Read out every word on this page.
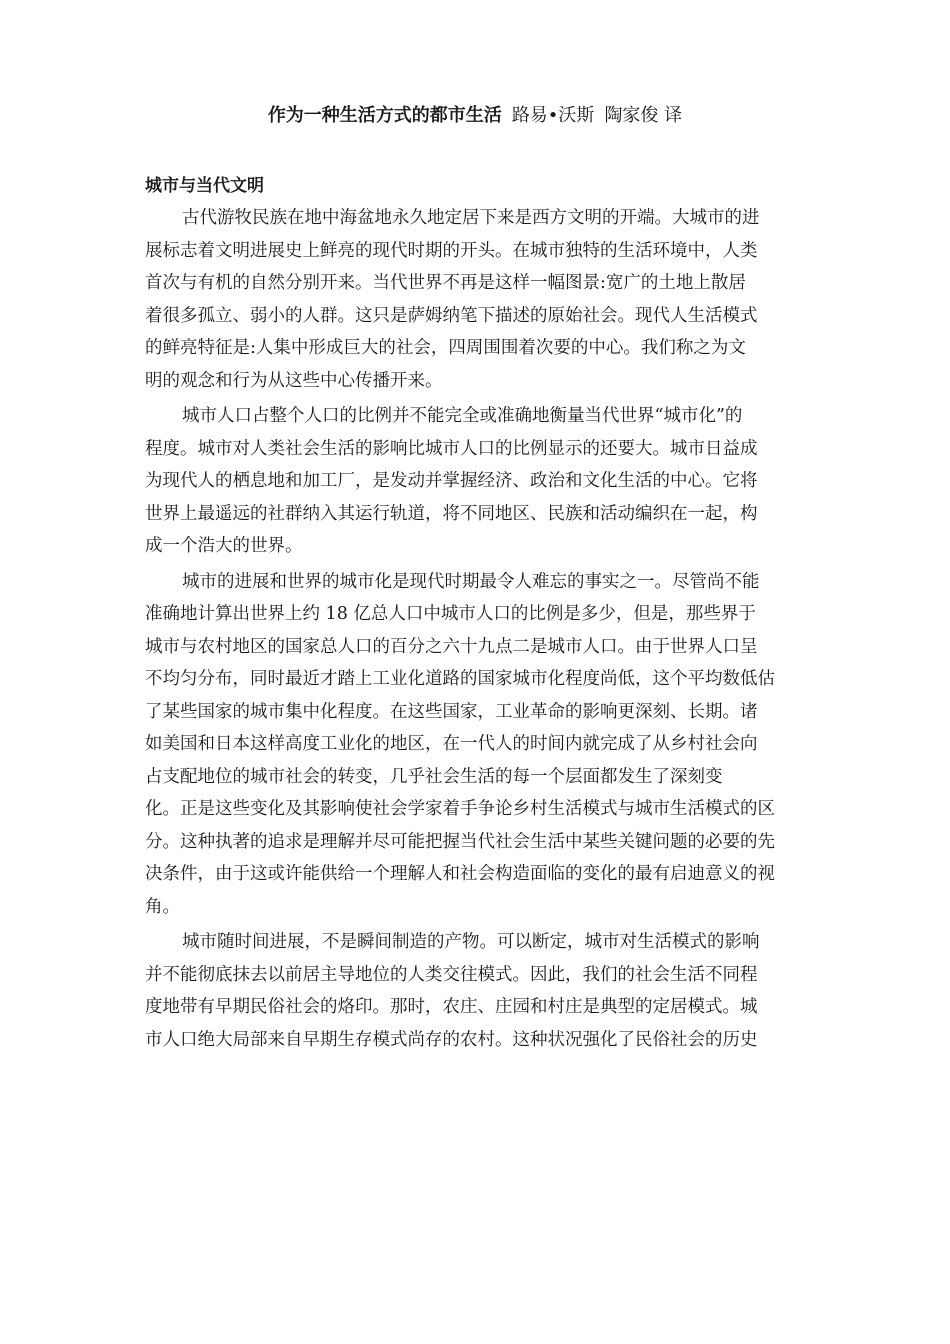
作为一种生活方式的都市生活 路易•沃斯 陶家俊 译
城市与当代文明
古代游牧民族在地中海盆地永久地定居下来是西方文明的开端。大城市的进
展标志着文明进展史上鲜亮的现代时期的开头。在城市独特的生活环境中，人类
首次与有机的自然分别开来。当代世界不再是这样一幅图景:宽广的土地上散居
着很多孤立、弱小的人群。这只是萨姆纳笔下描述的原始社会。现代人生活模式
的鲜亮特征是:人集中形成巨大的社会，四周围围着次要的中心。我们称之为文
明的观念和行为从这些中心传播开来。
城市人口占整个人口的比例并不能完全或准确地衡量当代世界“城市化”的
程度。城市对人类社会生活的影响比城市人口的比例显示的还要大。城市日益成
为现代人的栖息地和加工厂，是发动并掌握经济、政治和文化生活的中心。它将
世界上最遥远的社群纳入其运行轨道，将不同地区、民族和活动编织在一起，构
成一个浩大的世界。
城市的进展和世界的城市化是现代时期最令人难忘的事实之一。尽管尚不能
准确地计算出世界上约 18 亿总人口中城市人口的比例是多少，但是，那些界于
城市与农村地区的国家总人口的百分之六十九点二是城市人口。由于世界人口呈
不均匀分布，同时最近才踏上工业化道路的国家城市化程度尚低，这个平均数低估
了某些国家的城市集中化程度。在这些国家，工业革命的影响更深刻、长期。诸
如美国和日本这样高度工业化的地区，在一代人的时间内就完成了从乡村社会向
占支配地位的城市社会的转变，几乎社会生活的每一个层面都发生了深刻变
化。正是这些变化及其影响使社会学家着手争论乡村生活模式与城市生活模式的区
分。这种执著的追求是理解并尽可能把握当代社会生活中某些关键问题的必要的先
决条件，由于这或许能供给一个理解人和社会构造面临的变化的最有启迪意义的视
角。
城市随时间进展，不是瞬间制造的产物。可以断定，城市对生活模式的影响
并不能彻底抹去以前居主导地位的人类交往模式。因此，我们的社会生活不同程
度地带有早期民俗社会的烙印。那时，农庄、庄园和村庄是典型的定居模式。城
市人口绝大局部来自早期生存模式尚存的农村。这种状况强化了民俗社会的历史
